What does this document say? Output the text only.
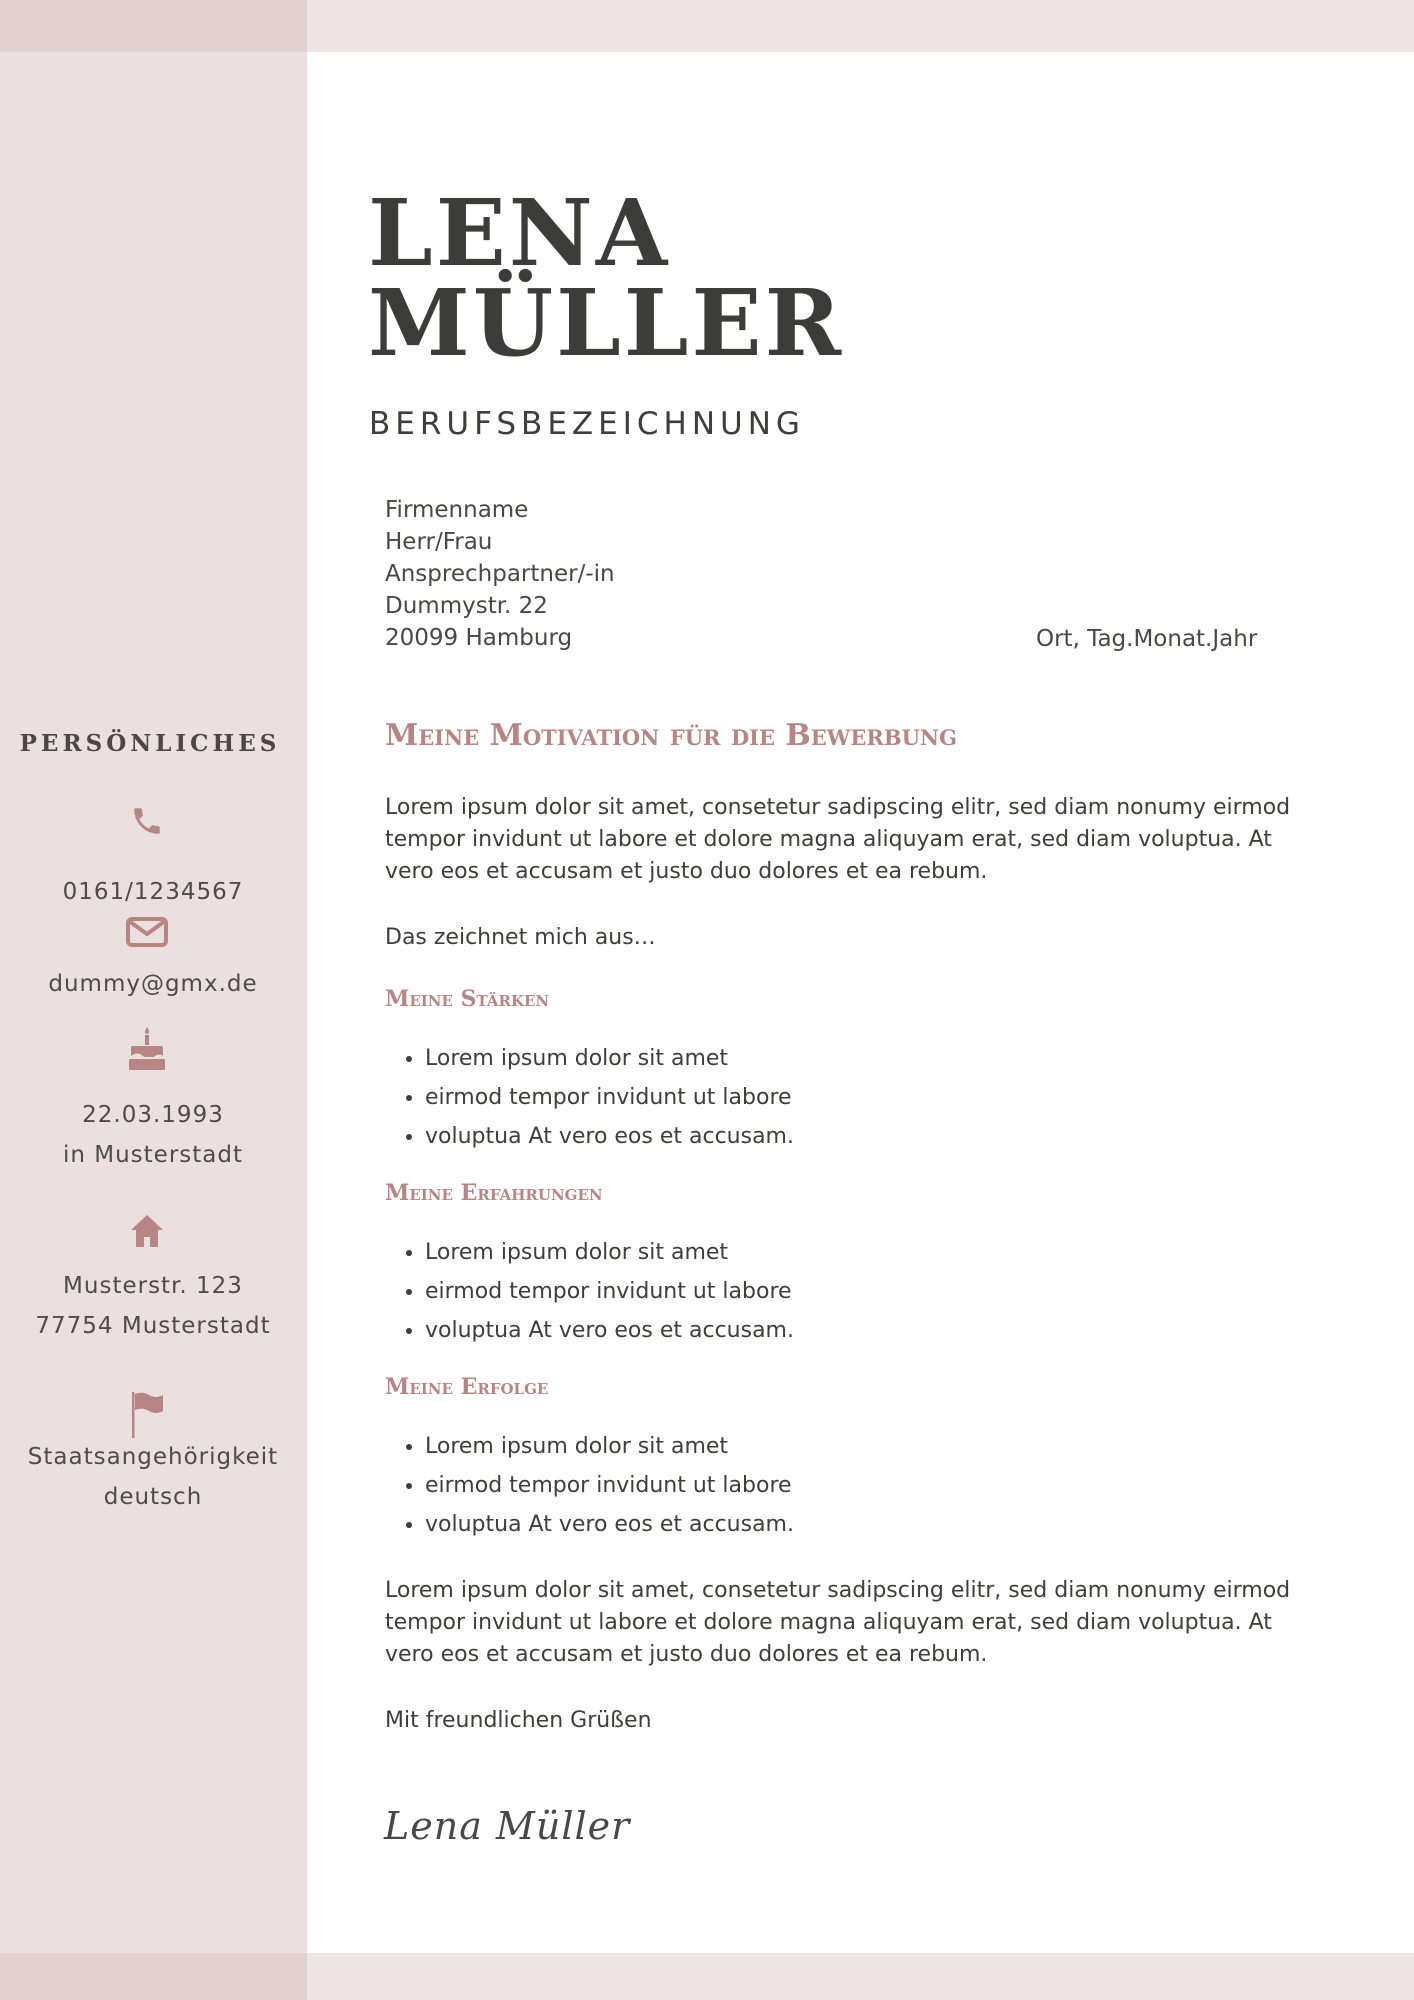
PERSÖNLICHES
0161/1234567
dummy@gmx.de
22.03.1993
in Musterstadt
Musterstr. 123
77754 Musterstadt
Staatsangehörigkeit
deutsch
LENA
MÜLLER
BERUFSBEZEICHNUNG
Firmenname
Herr/Frau
Ansprechpartner/-in
Dummystr. 22
20099 Hamburg	Ort, Tag.Monat.Jahr
Meine Motivation für die Bewerbung
Lorem ipsum dolor sit amet, consetetur sadipscing elitr, sed diam nonumy eirmod tempor invidunt ut labore et dolore magna aliquyam erat, sed diam voluptua. At vero eos et accusam et justo duo dolores et ea rebum.
Das zeichnet mich aus…
Meine Stärken
• Lorem ipsum dolor sit amet
• eirmod tempor invidunt ut labore
• voluptua At vero eos et accusam.
Meine Erfahrungen
• Lorem ipsum dolor sit amet
• eirmod tempor invidunt ut labore
• voluptua At vero eos et accusam.
Meine Erfolge
• Lorem ipsum dolor sit amet
• eirmod tempor invidunt ut labore
• voluptua At vero eos et accusam.
Lorem ipsum dolor sit amet, consetetur sadipscing elitr, sed diam nonumy eirmod tempor invidunt ut labore et dolore magna aliquyam erat, sed diam voluptua. At vero eos et accusam et justo duo dolores et ea rebum.
Mit freundlichen Grüßen
Lena Müller
